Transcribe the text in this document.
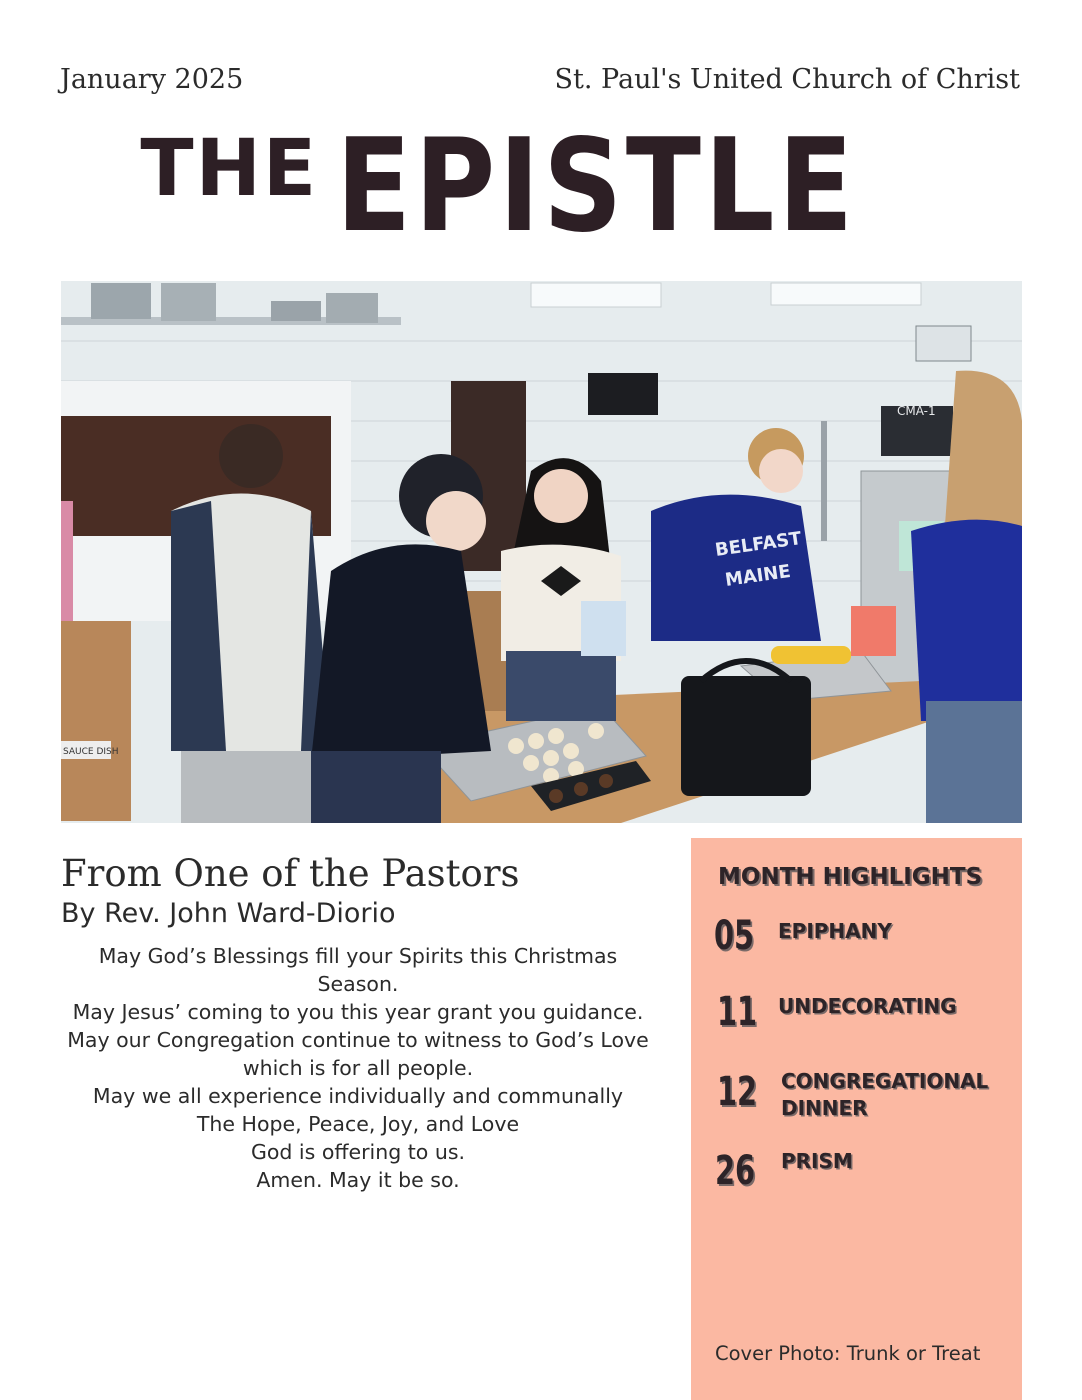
January 2025	St. Paul's United Church of Christ
THE EPISTLE
CMA-1
SAUCE DISH
BELFAST
MAINE
From One of the Pastors
By Rev. John Ward-Diorio

May God’s Blessings fill your Spirits this Christmas Season.

May Jesus’ coming to you this year grant you guidance.

May our Congregation continue to witness to God’s Love which is for all people.

May we all experience individually and communally

The Hope, Peace, Joy, and Love

God is offering to us.

Amen. May it be so.

MONTH HIGHLIGHTS
05 EPIPHANY
11 UNDECORATING
12 CONGREGATIONAL DINNER
26 PRISM
Cover Photo: Trunk or Treat
